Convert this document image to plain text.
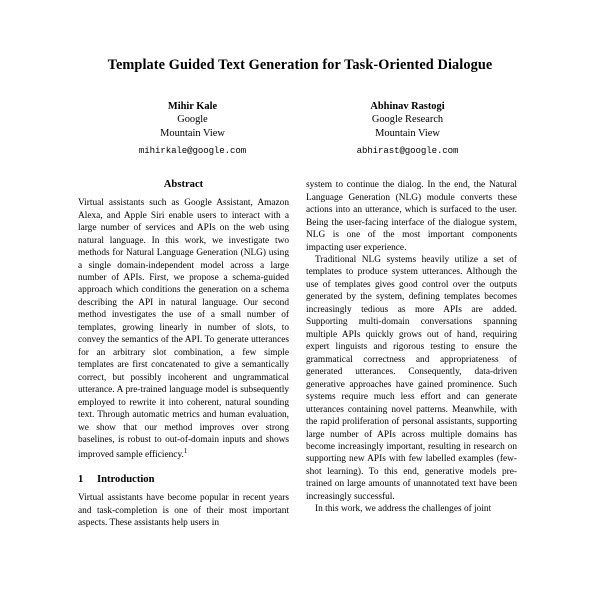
Template Guided Text Generation for Task-Oriented Dialogue
Mihir Kale
Google
Mountain View
mihirkale@google.com
Abhinav Rastogi
Google Research
Mountain View
abhirast@google.com
Abstract

Virtual assistants such as Google Assistant, Amazon Alexa, and Apple Siri enable users to interact with a large number of services and APIs on the web using natural language. In this work, we investigate two methods for Natural Language Generation (NLG) using a single domain-independent model across a large number of APIs. First, we propose a schema-guided approach which conditions the generation on a schema describing the API in natural language. Our second method investigates the use of a small number of templates, growing linearly in number of slots, to convey the semantics of the API. To generate utterances for an arbitrary slot combination, a few simple templates are first concatenated to give a semantically correct, but possibly incoherent and ungrammatical utterance. A pre-trained language model is subsequently employed to rewrite it into coherent, natural sounding text. Through automatic metrics and human evaluation, we show that our method improves over strong baselines, is robust to out-of-domain inputs and shows improved sample efficiency.$^1$

1	Introduction

Virtual assistants have become popular in recent years and task-completion is one of their most important aspects. These assistants help users in

system to continue the dialog. In the end, the Natural Language Generation (NLG) module converts these actions into an utterance, which is surfaced to the user. Being the user-facing interface of the dialogue system, NLG is one of the most important components impacting user experience.

Traditional NLG systems heavily utilize a set of templates to produce system utterances. Although the use of templates gives good control over the outputs generated by the system, defining templates becomes increasingly tedious as more APIs are added. Supporting multi-domain conversations spanning multiple APIs quickly grows out of hand, requiring expert linguists and rigorous testing to ensure the grammatical correctness and appropriateness of generated utterances. Consequently, data-driven generative approaches have gained prominence. Such systems require much less effort and can generate utterances containing novel patterns. Meanwhile, with the rapid proliferation of personal assistants, supporting large number of APIs across multiple domains has become increasingly important, resulting in research on supporting new APIs with few labelled examples (few-shot learning). To this end, generative models pre-trained on large amounts of unannotated text have been increasingly successful.

In this work, we address the challenges of joint
